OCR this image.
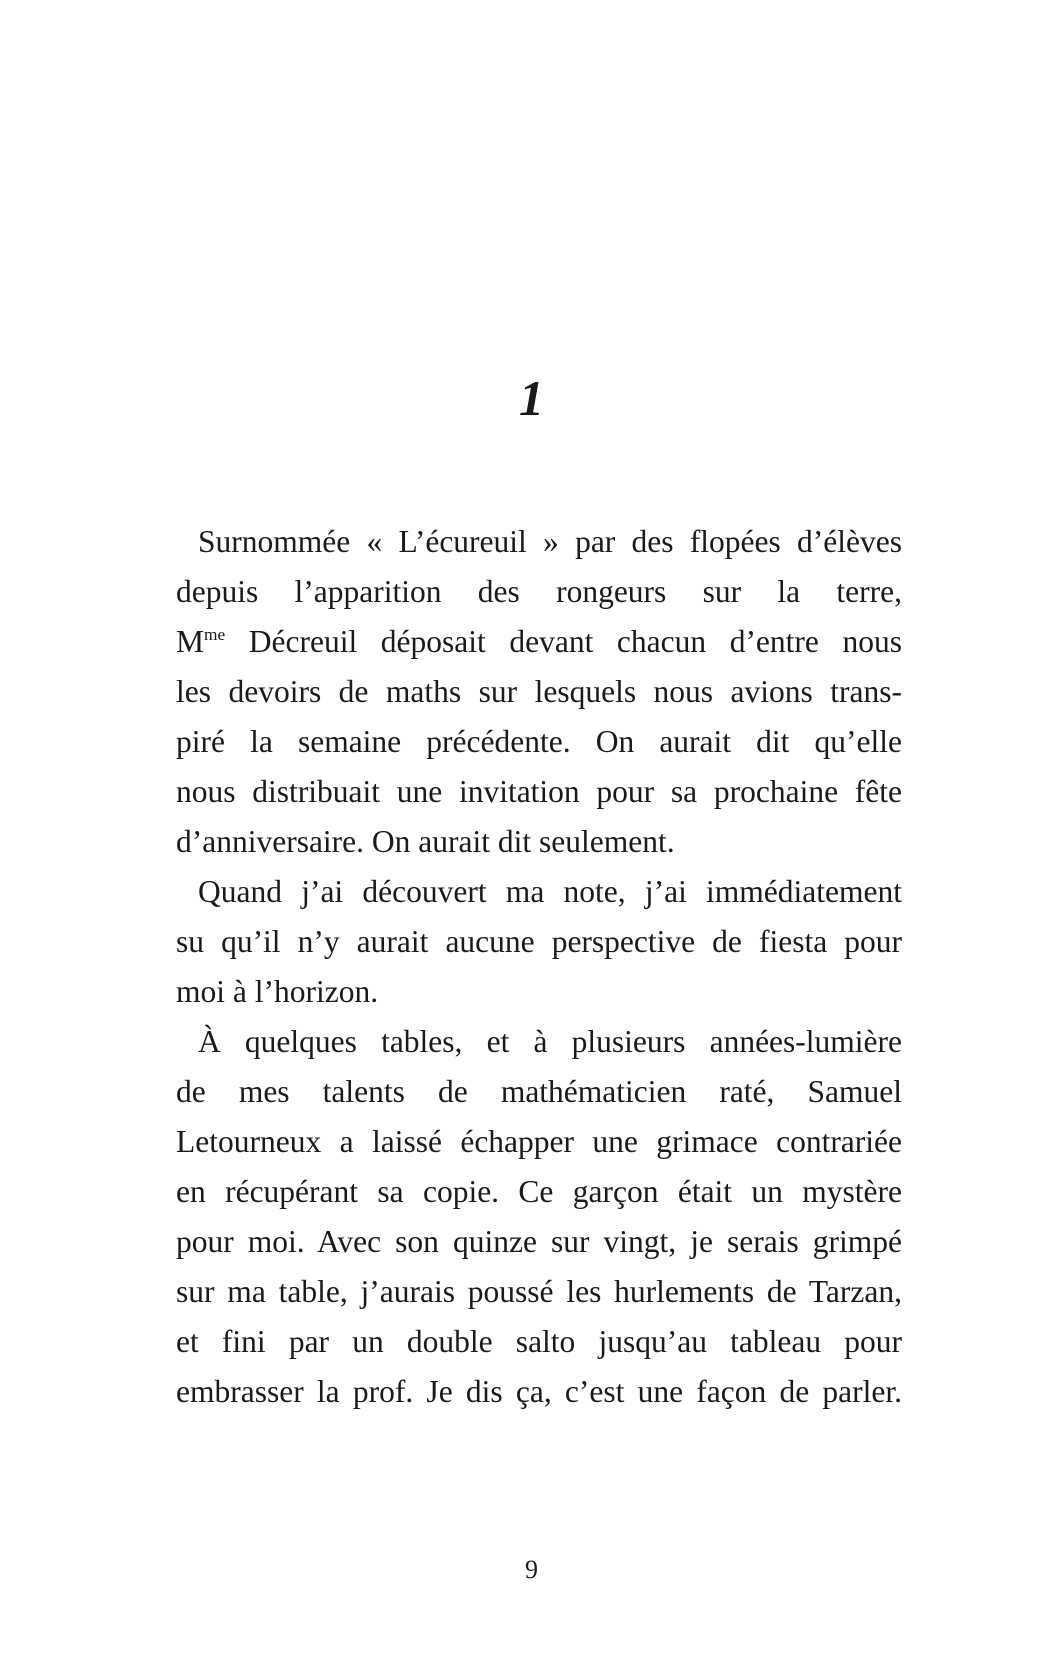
1

Surnommée « L’écureuil » par des flopées d’élèves
depuis l’apparition des rongeurs sur la terre,
$M^{me}$ Décreuil déposait devant chacun d’entre nous
les devoirs de maths sur lesquels nous avions trans-
piré la semaine précédente. On aurait dit qu’elle
nous distribuait une invitation pour sa prochaine fête
d’anniversaire. On aurait dit seulement.

Quand j’ai découvert ma note, j’ai immédiatement
su qu’il n’y aurait aucune perspective de fiesta pour
moi à l’horizon.

À quelques tables, et à plusieurs années-lumière
de mes talents de mathématicien raté, Samuel
Letourneux a laissé échapper une grimace contrariée
en récupérant sa copie. Ce garçon était un mystère
pour moi. Avec son quinze sur vingt, je serais grimpé
sur ma table, j’aurais poussé les hurlements de Tarzan,
et fini par un double salto jusqu’au tableau pour
embrasser la prof. Je dis ça, c’est une façon de parler.

9
